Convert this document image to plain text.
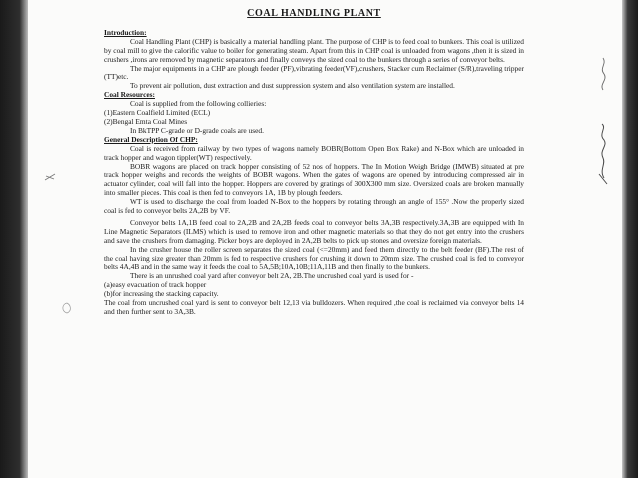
COAL HANDLING PLANT

Introduction:

Coal Handling Plant (CHP) is basically a material handling plant. The purpose of CHP is to feed coal to bunkers. This coal is utilized by coal mill to give the calorific value to boiler for generating steam. Apart from this in CHP coal is unloaded from wagons ,then it is sized in crushers ,irons are removed by magnetic separators and finally conveys the sized coal to the bunkers through a series of conveyor belts.

The major equipments in a CHP are plough feeder (PF),vibrating feeder(VF),crushers, Stacker cum Reclaimer (S/R),traveling tripper (TT)etc.

To prevent air pollution, dust extraction and dust suppression system and also ventilation system are installed.

Coal Resources:

Coal is supplied from the following collieries:

(1)Eastern Coalfield Limited (ECL)

(2)Bengal Emta Coal Mines

In BkTPP C-grade or D-grade coals are used.

General Description Of CHP:

Coal is received from railway by two types of wagons namely BOBR(Bottom Open Box Rake) and N-Box which are unloaded in track hopper and wagon tippler(WT) respectively.

BOBR wagons are placed on track hopper consisting of 52 nos of hoppers. The In Motion Weigh Bridge (IMWB) situated at pre track hopper weighs and records the weights of BOBR wagons. When the gates of wagons are opened by introducing compressed air in actuator cylinder, coal will fall into the hopper. Hoppers are covered by gratings of 300X300 mm size. Oversized coals are broken manually into smaller pieces. This coal is then fed to conveyors 1A, 1B by plough feeders.

WT is used to discharge the coal from loaded N-Box to the hoppers by rotating through an angle of 155° .Now the properly sized coal is fed to conveyor belts 2A,2B by VF.

Conveyor belts 1A,1B feed coal to 2A,2B and 2A,2B feeds coal to conveyor belts 3A,3B respectively.3A,3B are equipped with In Line Magnetic Separators (ILMS) which is used to remove iron and other magnetic materials so that they do not get entry into the crushers and save the crushers from damaging. Picker boys are deployed in 2A,2B belts to pick up stones and oversize foreign materials.

In the crusher house the roller screen separates the sized coal (<=20mm) and feed them directly to the belt feeder (BF).The rest of the coal having size greater than 20mm is fed to respective crushers for crushing it down to 20mm size. The crushed coal is fed to conveyor belts 4A,4B and in the same way it feeds the coal to 5A,5B;10A,10B;11A,11B and then finally to the bunkers.

There is an unrushed coal yard after conveyor belt 2A, 2B.The uncrushed coal yard is used for -

(a)easy evacuation of track hopper

(b)for increasing the stacking capacity.

The coal from uncrushed coal yard is sent to conveyor belt 12,13 via bulldozers. When required ,the coal is reclaimed via conveyor belts 14 and then further sent to 3A,3B.
